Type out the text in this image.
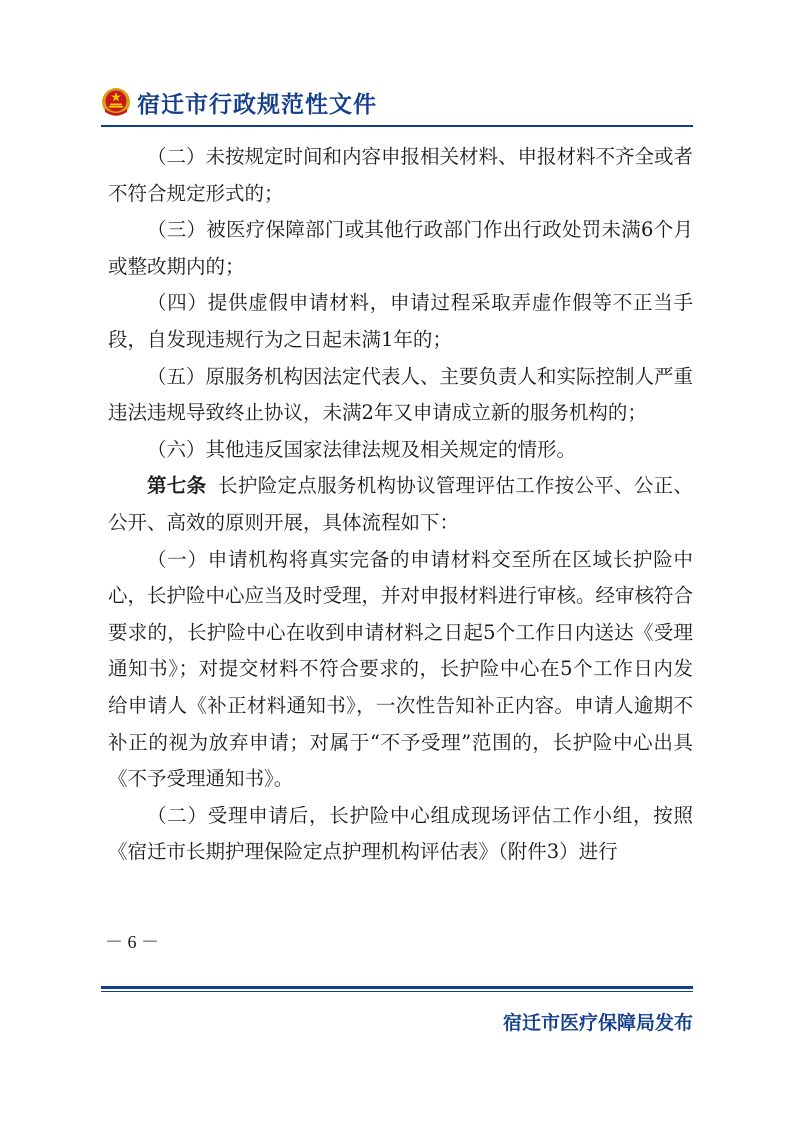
宿迁市行政规范性文件

（二）未按规定时间和内容申报相关材料、申报材料不齐全或者不符合规定形式的；

（三）被医疗保障部门或其他行政部门作出行政处罚未满6个月或整改期内的；

（四）提供虚假申请材料，申请过程采取弄虚作假等不正当手段，自发现违规行为之日起未满1年的；

（五）原服务机构因法定代表人、主要负责人和实际控制人严重违法违规导致终止协议，未满2年又申请成立新的服务机构的；

（六）其他违反国家法律法规及相关规定的情形。

第七条 长护险定点服务机构协议管理评估工作按公平、公正、公开、高效的原则开展，具体流程如下：

（一）申请机构将真实完备的申请材料交至所在区域长护险中心，长护险中心应当及时受理，并对申报材料进行审核。经审核符合要求的，长护险中心在收到申请材料之日起5个工作日内送达《受理通知书》；对提交材料不符合要求的，长护险中心在5个工作日内发给申请人《补正材料通知书》，一次性告知补正内容。申请人逾期不补正的视为放弃申请；对属于“不予受理”范围的，长护险中心出具《不予受理通知书》。

（二）受理申请后，长护险中心组成现场评估工作小组，按照《宿迁市长期护理保险定点护理机构评估表》（附件3）进行

－ 6 －
宿迁市医疗保障局发布
